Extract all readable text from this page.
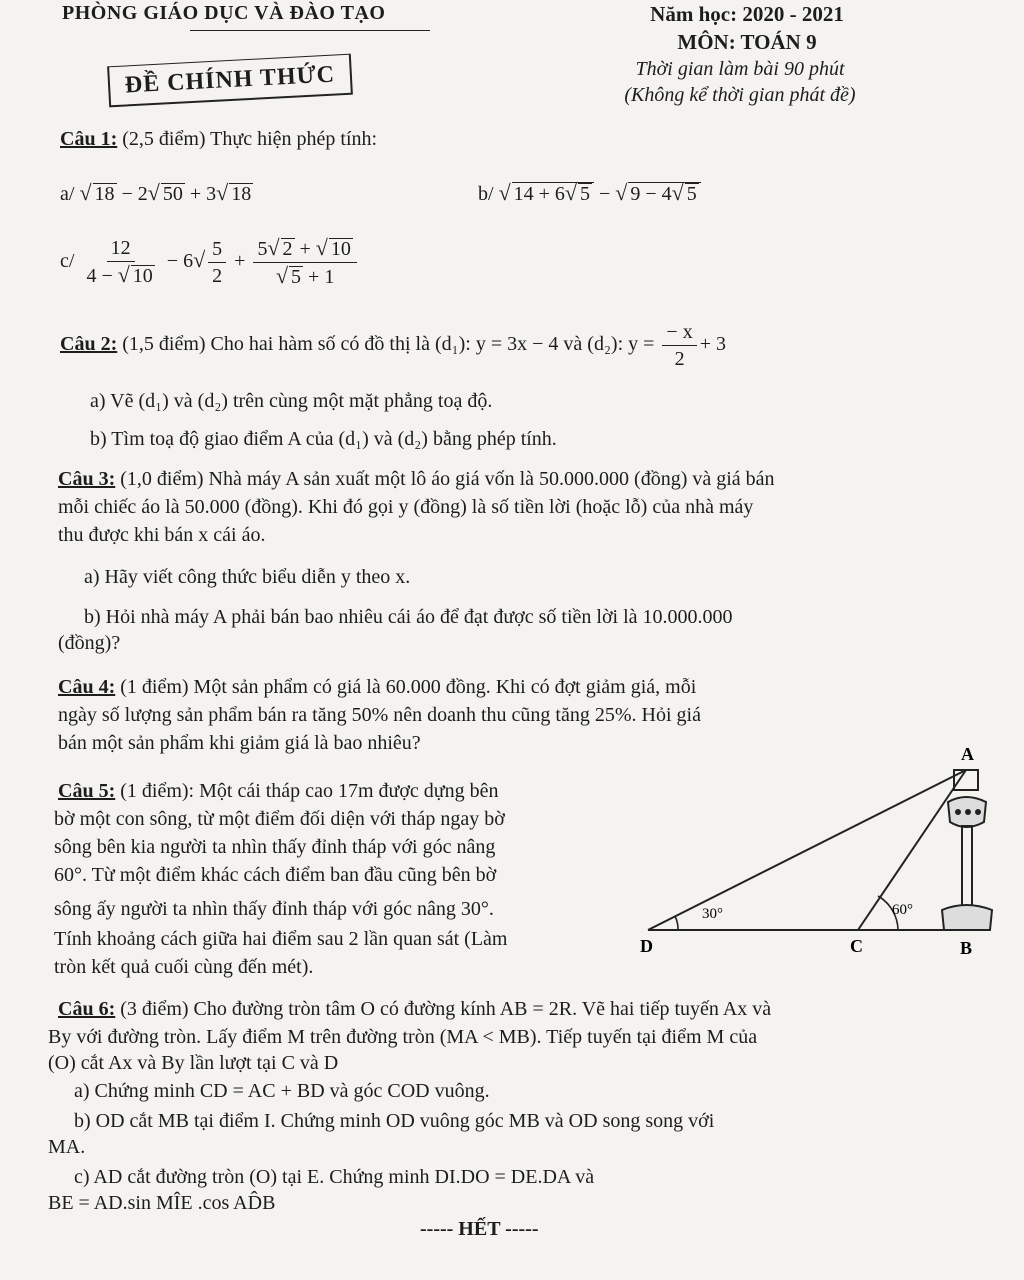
PHÒNG GIÁO DỤC VÀ ĐÀO TẠO	Năm học: 2020 - 2021
MÔN: TOÁN 9
Thời gian làm bài 90 phút
(Không kể thời gian phát đề)
ĐỀ CHÍNH THỨC
Câu 1: (2,5 điểm) Thực hiện phép tính:
a/ √ 18 − 2√ 50 + 3√ 18	b/ √ 14 + 6√ 5 − √ 9 − 4√ 5
$c/ \frac{12}{4 - √ 10} - 6√ \frac{5}{2} + \frac{5√ 2 + √ 10}{√ 5 + 1}$
Câu 2: (1,5 điểm) Cho hai hàm số có đồ thị là (d₁): y = 3x − 4 và (d₂): $y = \frac{- x}{2} + 3$
a) Vẽ (d₁) và (d₂) trên cùng một mặt phẳng toạ độ.
b) Tìm toạ độ giao điểm A của (d₁) và (d₂) bằng phép tính.
Câu 3: (1,0 điểm) Nhà máy A sản xuất một lô áo giá vốn là 50.000.000 (đồng) và giá bán
mỗi chiếc áo là 50.000 (đồng). Khi đó gọi y (đồng) là số tiền lời (hoặc lỗ) của nhà máy
thu được khi bán x cái áo.
a) Hãy viết công thức biểu diễn y theo x.
b) Hỏi nhà máy A phải bán bao nhiêu cái áo để đạt được số tiền lời là 10.000.000
(đồng)?
Câu 4: (1 điểm) Một sản phẩm có giá là 60.000 đồng. Khi có đợt giảm giá, mỗi
ngày số lượng sản phẩm bán ra tăng 50% nên doanh thu cũng tăng 25%. Hỏi giá
bán một sản phẩm khi giảm giá là bao nhiêu?
Câu 5: (1 điểm): Một cái tháp cao 17m được dựng bên
bờ một con sông, từ một điểm đối diện với tháp ngay bờ
sông bên kia người ta nhìn thấy đỉnh tháp với góc nâng
60°. Từ một điểm khác cách điểm ban đầu cũng bên bờ
sông ấy người ta nhìn thấy đỉnh tháp với góc nâng 30°.
Tính khoảng cách giữa hai điểm sau 2 lần quan sát (Làm
tròn kết quả cuối cùng đến mét).
30°	60°
A
D	C	B
Câu 6: (3 điểm) Cho đường tròn tâm O có đường kính AB = 2R. Vẽ hai tiếp tuyến Ax và
By với đường tròn. Lấy điểm M trên đường tròn (MA < MB). Tiếp tuyến tại điểm M của
(O) cắt Ax và By lần lượt tại C và D
a) Chứng minh CD = AC + BD và góc COD vuông.
b) OD cắt MB tại điểm I. Chứng minh OD vuông góc MB và OD song song với
MA.
c) AD cắt đường tròn (O) tại E. Chứng minh DI.DO = DE.DA và
BE = AD.sin MÎE .cos AD̂B
----- HẾT -----
